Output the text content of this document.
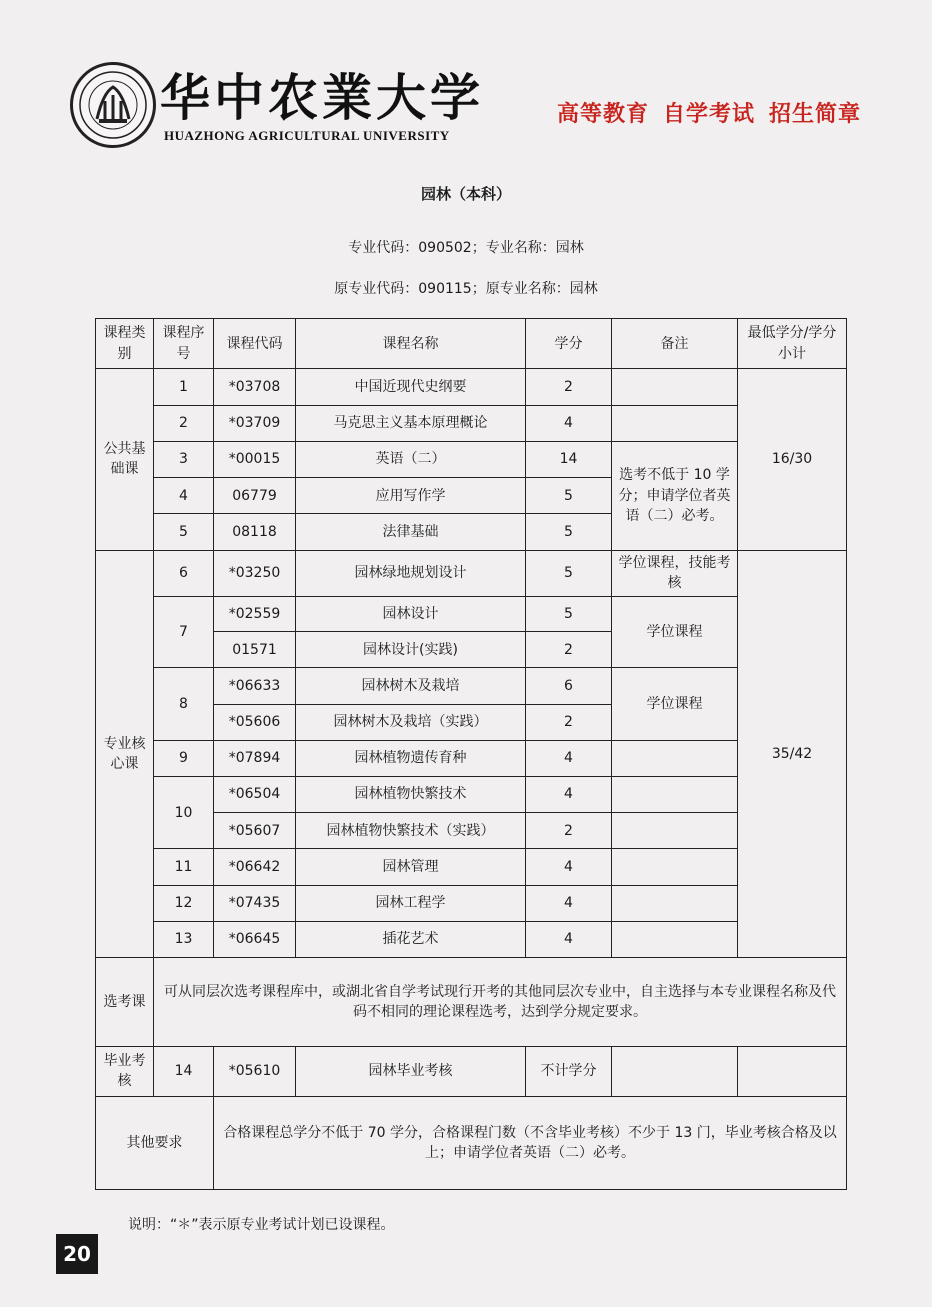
华中农業大学
HUAZHONG AGRICULTURAL UNIVERSITY
高等教育 自学考试 招生简章
园林（本科）
专业代码：090502；专业名称：园林
原专业代码：090115；原专业名称：园林
课程类别	课程序号	课程代码	课程名称	学分	备注	最低学分/学分小计
公共基础课	1	*03708	中国近现代史纲要	2		16/30
	2	*03709	马克思主义基本原理概论	4		
	3	*00015	英语（二）	14	选考不低于 10 学分；申请学位者英语（二）必考。	
	4	06779	应用写作学	5		
	5	08118	法律基础	5		
专业核心课	6	*03250	园林绿地规划设计	5	学位课程，技能考核	35/42
	7	*02559	园林设计	5	学位课程	
		01571	园林设计(实践)	2		
	8	*06633	园林树木及栽培	6	学位课程	
		*05606	园林树木及栽培（实践）	2		
	9	*07894	园林植物遗传育种	4		
	10	*06504	园林植物快繁技术	4		
		*05607	园林植物快繁技术（实践）	2		
	11	*06642	园林管理	4		
	12	*07435	园林工程学	4		
	13	*06645	插花艺术	4		
选考课	可从同层次选考课程库中，或湖北省自学考试现行开考的其他同层次专业中，自主选择与本专业课程名称及代码不相同的理论课程选考，达到学分规定要求。					
毕业考核	14	*05610	园林毕业考核	不计学分		
其他要求		合格课程总学分不低于 70 学分，合格课程门数（不含毕业考核）不少于 13 门，毕业考核合格及以上；申请学位者英语（二）必考。				
说明：“＊”表示原专业考试计划已设课程。
20
